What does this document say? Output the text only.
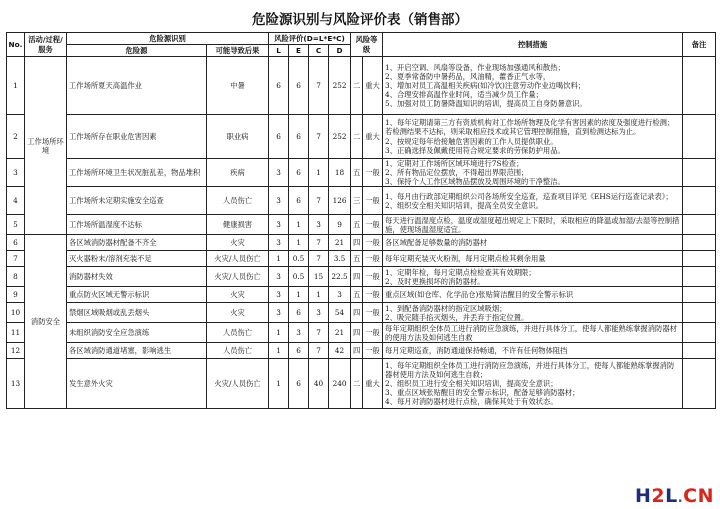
危险源识别与风险评价表（销售部）
No.	活动/过程/服务	危险源识别		风险评价(D=L*E*C)				风险等级		控制措施	备注
		危险源	可能导致后果	L	E	C	D				
1	工作场所环境	工作场所夏天高温作业	中暑	6	6	7	252	二	重大	1、开启空调、风扇等设备，作业现场加强通风和散热；
2、夏季常备防中暑药品，风油精，藿香正气水等，
3、增加对员工高温相关疾病(如冷饮)注意劳动作业边喝饮料；
4、合理安排高温作业时间，适当减少员工作量；
5、加强对员工防暑降温知识的培训，提高员工自身防暑意识。	

2		工作场所存在职业危害因素	职业病	6	6	7	252	二	重大	1、每年定期请第三方有资质机构对工作场所物理及化学有害因素的浓度及强度进行检测；若检测结果不达标，则采取相应技术或其它管理控制措施，直到检测达标为止。
2、按规定每年给接触危害因素的工作人员提供职业。
3、正确选择及佩戴使用符合规定要求的劳保防护用品。	

3		工作场所环境卫生状况脏乱差，物品堆积	疾病	3	6	1	18	五	一般	1、定期对工作场所区域环境进行7S检查；
2、所有物品定位摆放，不得超出界限范围；
3、保持个人工作区域物品摆放及周围环境的干净整洁。	

4		工作场所未定期实施安全巡查	人员伤亡	3	6	7	126	三	一般	1、每月由行政部定期组织公司各场所安全巡查，巡查项目详见《EHS运行巡查记录表》；
2、组织安全相关知识培训，提高全员安全意识。	

5		工作场所温湿度不达标	健康损害	3	1	3	9	五	一般	每天进行温湿度点检，温度或湿度超出规定上下限时，采取相应的降温或加湿/去湿等控制措施，使现场温湿度适宜。	

6	消防安全	各区域消防器材配备不齐全	火灾	3	1	7	21	四	一般	各区域配备足够数量的消防器材	

7		灭火器粉末/溶剂充装不足	火灾/人员伤亡	1	0.5	7	3.5	五	一般	每年定期充装灭火粉剂，每月定期点检其剩余用量	

8		消防器材失效	火灾/人员伤亡	3	0.5	15	22.5	四	一般	1、定期年检，每月定期点检检查其有效期限；
2、及时更换损坏的消防器材。	

9		重点防火区域无警示标识	火灾	3	1	1	3	五	一般	重点区域(如仓库、化学品仓)张贴简洁醒目的安全警示标识	

10		禁烟区域吸烟或乱丢烟头	火灾	3	6	3	54	四	一般	1、到配备消防器材的指定区域吸烟；
2、吸完随手掐灭烟头，并丢弃于指定位置。	

11		未组织消防安全应急演练	人员伤亡	1	3	7	21	四	一般	每年定期组织全体员工进行消防应急演练，并进行具体分工，使每人都能熟练掌握消防器材的使用方法及如何逃生自救	

12		各区域消防通道堵塞，影响逃生	人员伤亡	1	6	7	42	四	一般	每月定期巡查，消防通道保持畅通，不许有任何物体阻挡	

13		发生意外火灾	火灾/人员伤亡	1	6	40	240	二	重大	1、每年定期组织全体员工进行消防应急演练，并进行具体分工，使每人都能熟练掌握消防器材使用方法及如何逃生自救；
2、组织员工进行安全相关知识培训，提高安全意识；
3、重点区域张贴醒目的安全警示标识，配备足够消防器材；
4、每月对消防器材进行点检，确保其处于有效状态。	

H2L.CN
